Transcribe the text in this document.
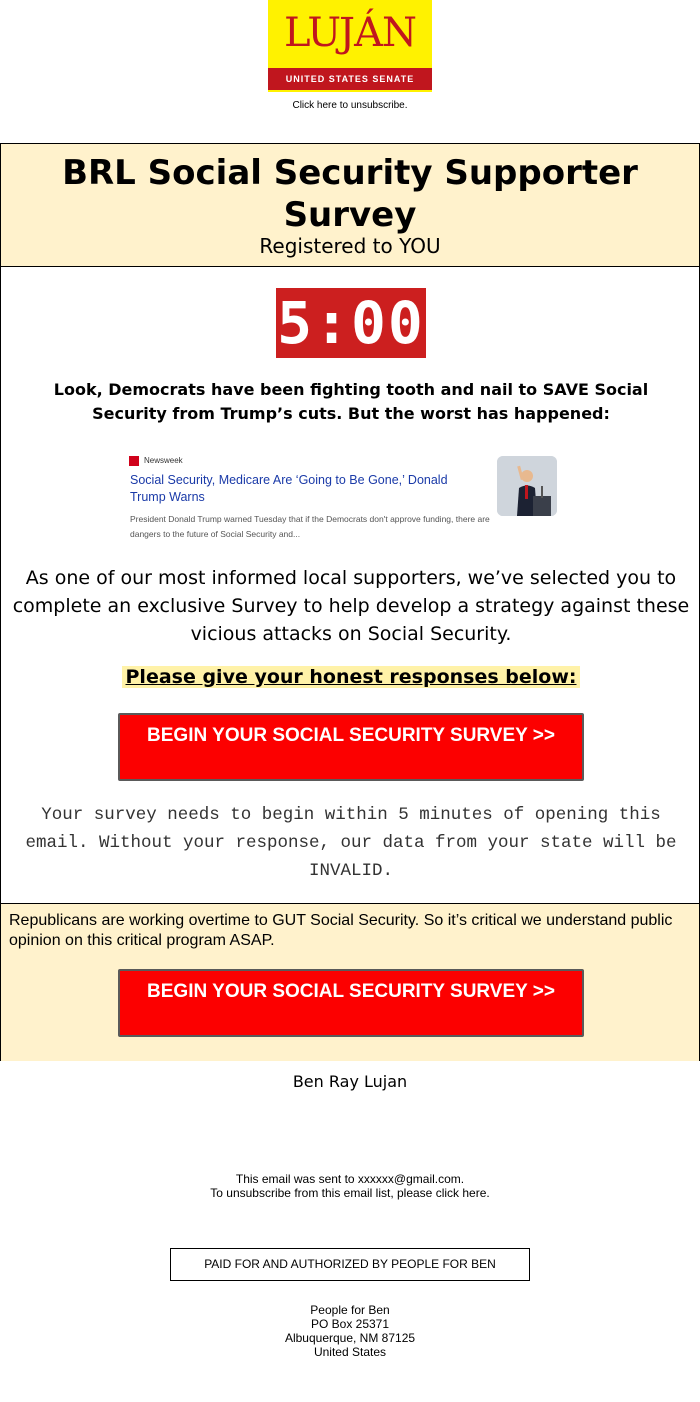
LUJÁN
UNITED STATES SENATE
Click here to unsubscribe.
BRL Social Security Supporter Survey
Registered to YOU
5:00
Look, Democrats have been fighting tooth and nail to SAVE Social Security from Trump’s cuts. But the worst has happened:
Newsweek
Social Security, Medicare Are ‘Going to Be Gone,’ Donald Trump Warns
President Donald Trump warned Tuesday that if the Democrats don't approve funding, there are dangers to the future of Social Security and...
As one of our most informed local supporters, we’ve selected you to complete an exclusive Survey to help develop a strategy against these vicious attacks on Social Security.
Please give your honest responses below:
BEGIN YOUR SOCIAL SECURITY SURVEY >>
Your survey needs to begin within 5 minutes of opening this email. Without your response, our data from your state will be INVALID.
Republicans are working overtime to GUT Social Security. So it’s critical we understand public opinion on this critical program ASAP.
BEGIN YOUR SOCIAL SECURITY SURVEY >>
Ben Ray Lujan
This email was sent to xxxxxx@gmail.com.
To unsubscribe from this email list, please click here.
PAID FOR AND AUTHORIZED BY PEOPLE FOR BEN
People for Ben
PO Box 25371
Albuquerque, NM 87125
United States
